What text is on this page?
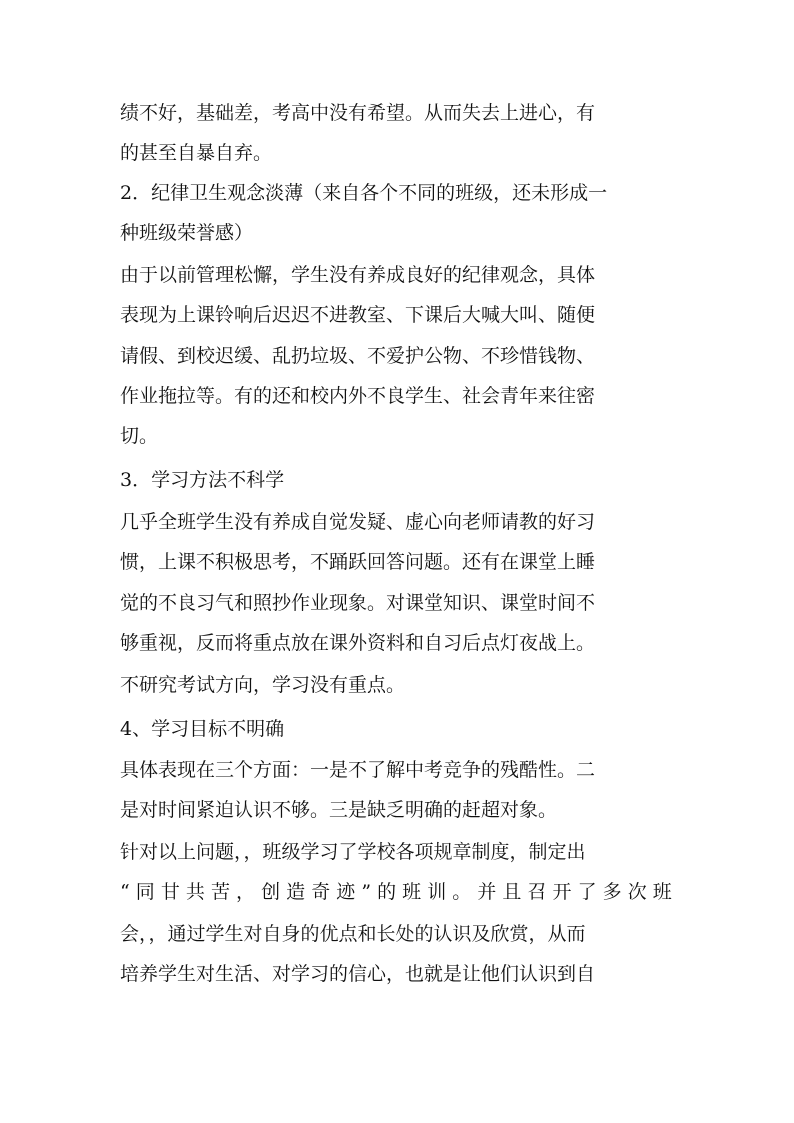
绩不好，基础差，考高中没有希望。从而失去上进心，有
的甚至自暴自弃。
2．纪律卫生观念淡薄（来自各个不同的班级，还未形成一
种班级荣誉感）
由于以前管理松懈，学生没有养成良好的纪律观念，具体
表现为上课铃响后迟迟不进教室、下课后大喊大叫、随便
请假、到校迟缓、乱扔垃圾、不爱护公物、不珍惜钱物、
作业拖拉等。有的还和校内外不良学生、社会青年来往密
切。
3．学习方法不科学
几乎全班学生没有养成自觉发疑、虚心向老师请教的好习
惯，上课不积极思考，不踊跃回答问题。还有在课堂上睡
觉的不良习气和照抄作业现象。对课堂知识、课堂时间不
够重视，反而将重点放在课外资料和自习后点灯夜战上。
不研究考试方向，学习没有重点。
4、学习目标不明确
具体表现在三个方面：一是不了解中考竞争的残酷性。二
是对时间紧迫认识不够。三是缺乏明确的赶超对象。
针对以上问题，，班级学习了学校各项规章制度，制定出
“ 同 甘 共 苦 ， 创 造 奇 迹 ” 的 班 训 。 并 且 召 开 了 多 次 班
会，，通过学生对自身的优点和长处的认识及欣赏，从而
培养学生对生活、对学习的信心，也就是让他们认识到自
